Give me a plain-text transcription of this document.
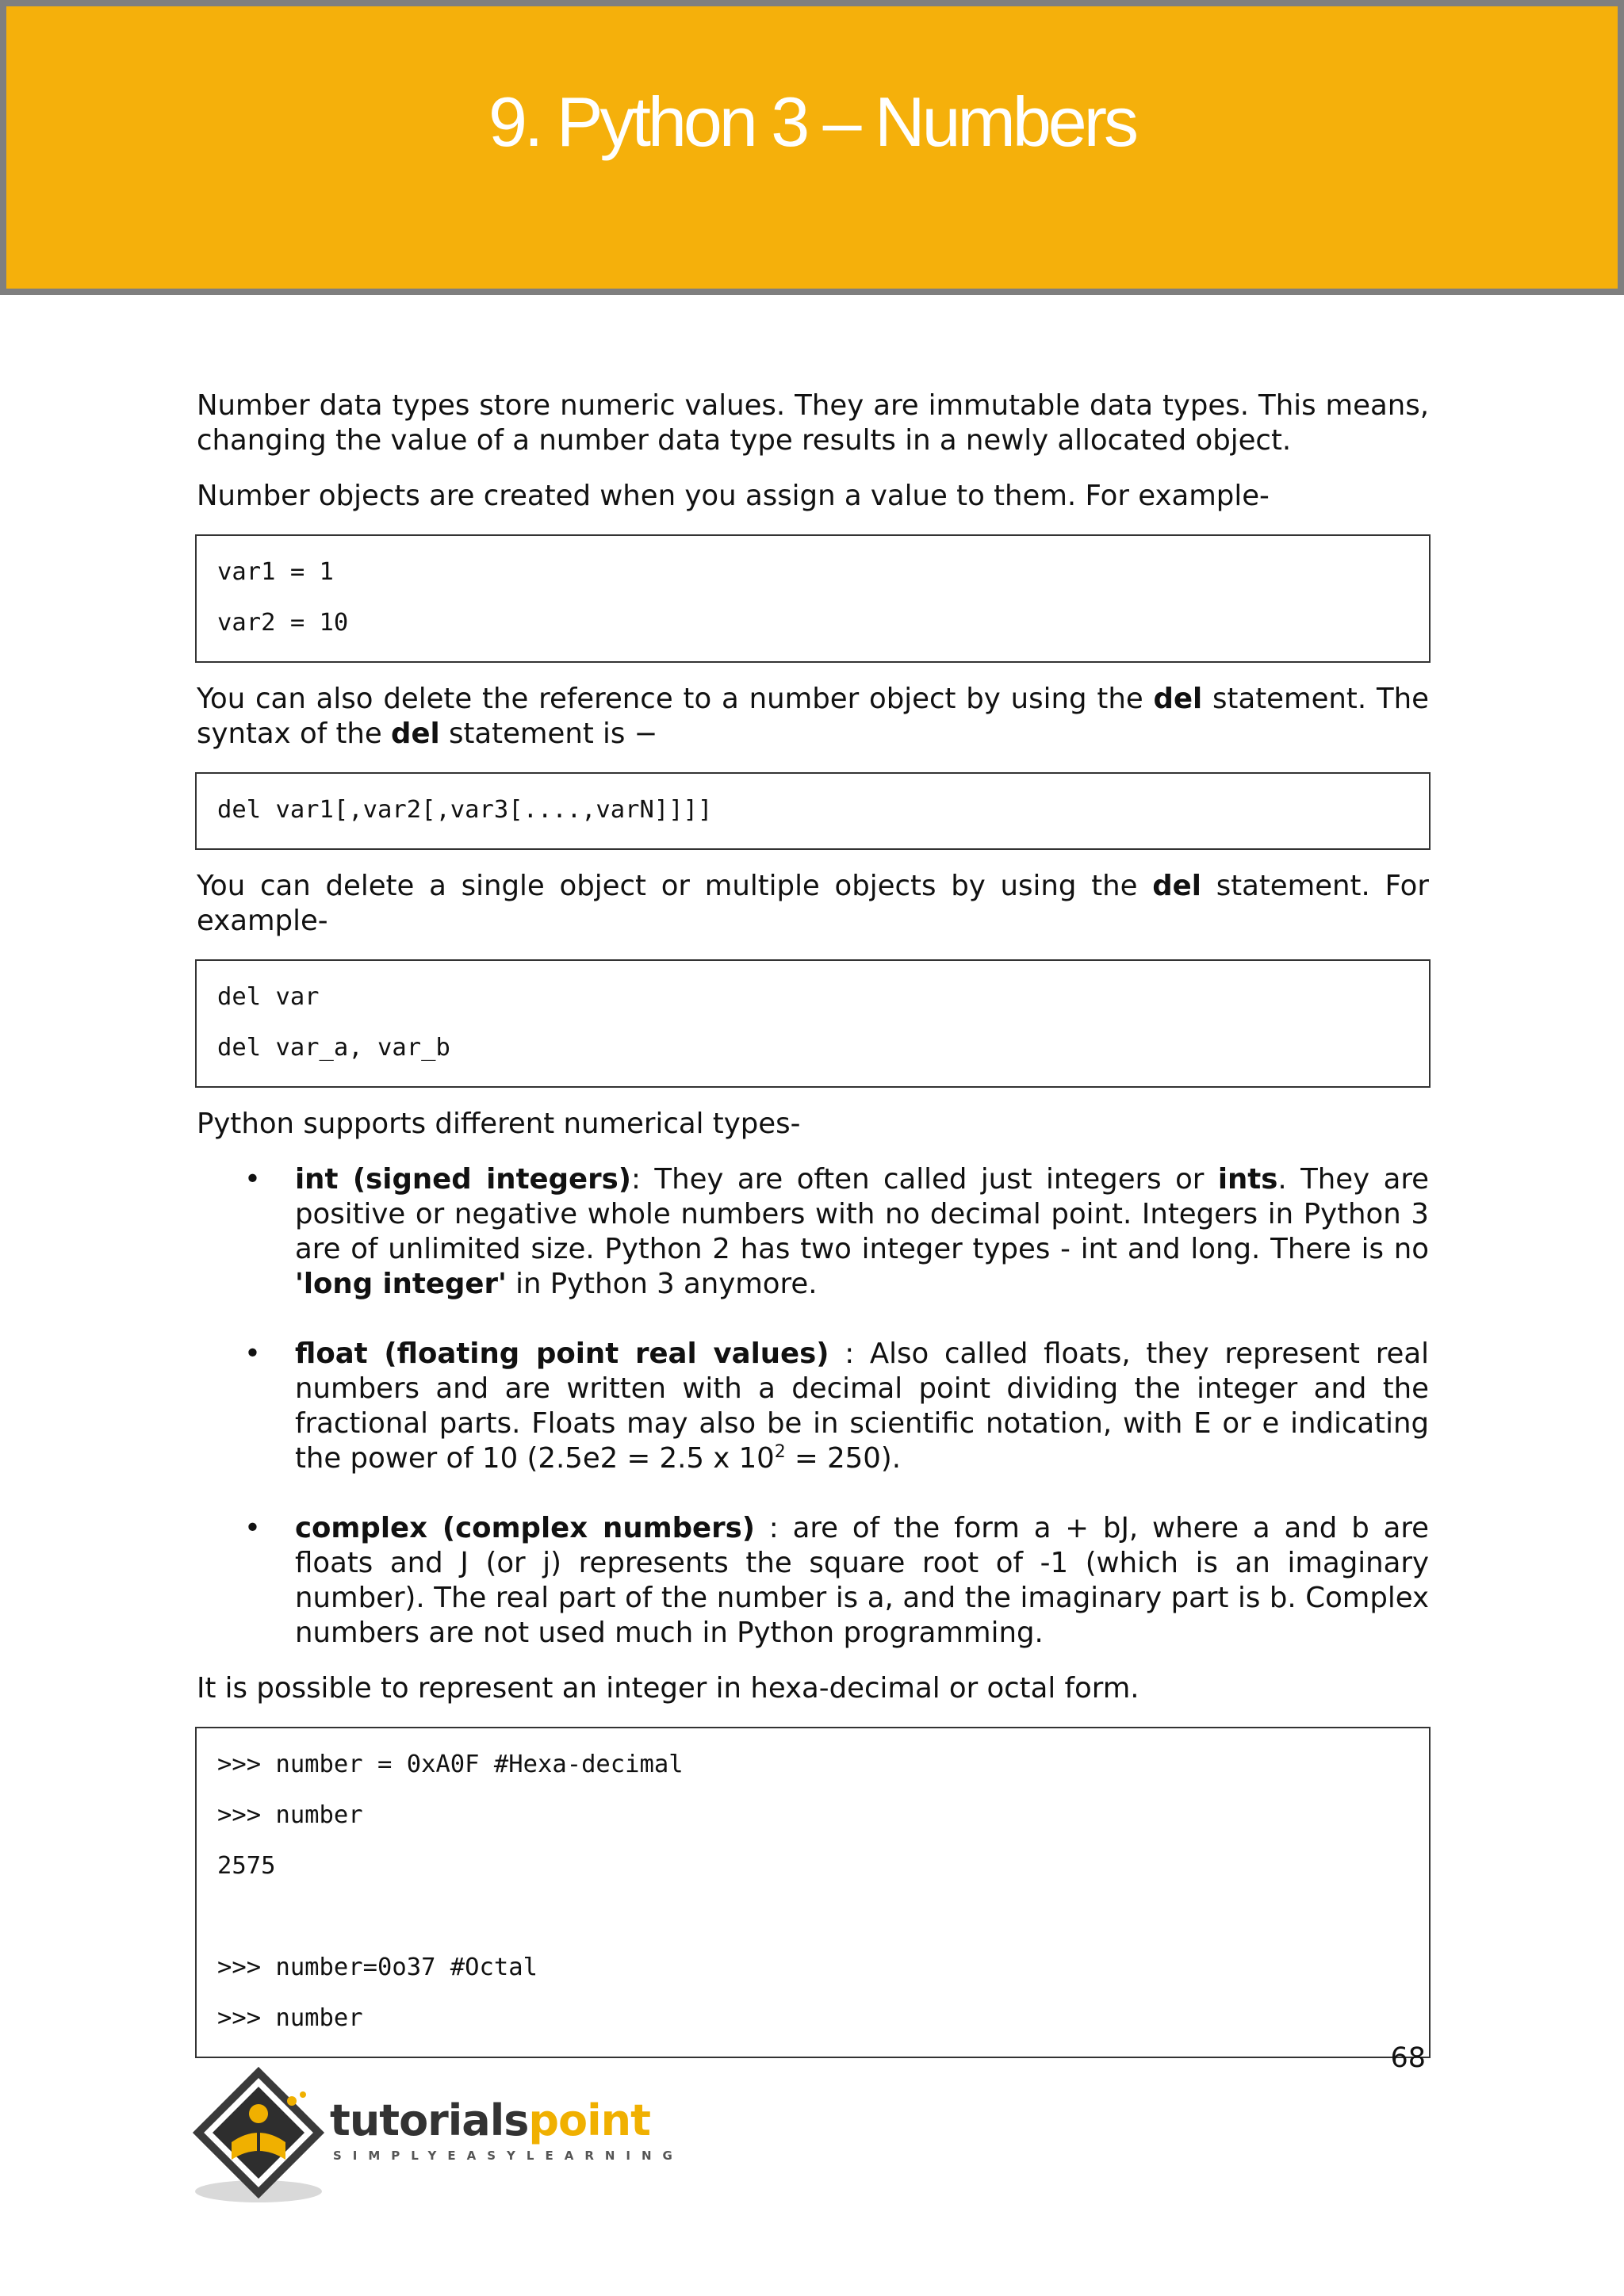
9. Python 3 – Numbers

Number data types store numeric values. They are immutable data types. This means, changing the value of a number data type results in a newly allocated object.

Number objects are created when you assign a value to them. For example-

var1 = 1
var2 = 10

You can also delete the reference to a number object by using the del statement. The syntax of the del statement is −

del var1[,var2[,var3[....,varN]]]]

You can delete a single object or multiple objects by using the del statement. For example-

del var
del var_a, var_b

Python supports different numerical types-

• int (signed integers): They are often called just integers or ints. They are positive or negative whole numbers with no decimal point. Integers in Python 3 are of unlimited size. Python 2 has two integer types - int and long. There is no 'long integer' in Python 3 anymore.

• float (floating point real values) : Also called floats, they represent real numbers and are written with a decimal point dividing the integer and the fractional parts. Floats may also be in scientific notation, with E or e indicating the power of 10 (2.5e2 = 2.5 x $10^2 = 250$).

• complex (complex numbers) : are of the form a + bJ, where a and b are floats and J (or j) represents the square root of -1 (which is an imaginary number). The real part of the number is a, and the imaginary part is b. Complex numbers are not used much in Python programming.

It is possible to represent an integer in hexa-decimal or octal form.

>>> number = 0xA0F #Hexa-decimal
>>> number
2575
>>> number=0o37 #Octal
>>> number
68
tutorialspoint
SIMPLYEASYLEARNING
